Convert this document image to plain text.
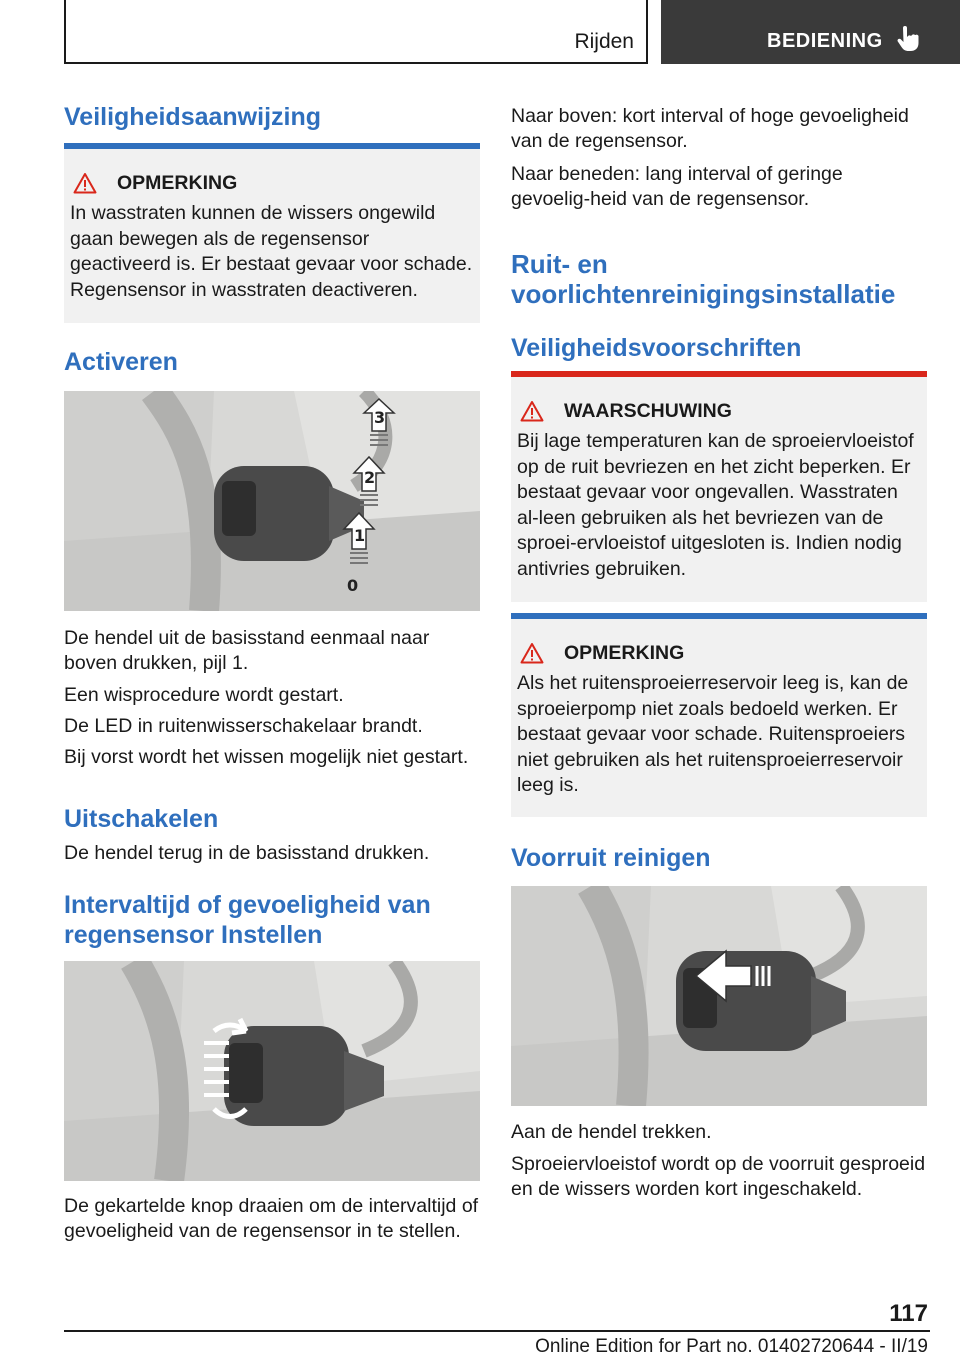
Rijden	BEDIENING
Veiligheidsaanwijzing
OPMERKING
In wasstraten kunnen de wissers ongewild gaan bewegen als de regensensor geactiveerd is. Er bestaat gevaar voor schade. Regensensor in wasstraten deactiveren.
Activeren
3
2
1
0

De hendel uit de basisstand eenmaal naar boven drukken, pijl 1.

Een wisprocedure wordt gestart.

De LED in ruitenwisserschakelaar brandt.

Bij vorst wordt het wissen mogelijk niet gestart.

Uitschakelen

De hendel terug in de basisstand drukken.

Intervaltijd of gevoeligheid van regensensor Instellen

De gekartelde knop draaien om de intervaltijd of gevoeligheid van de regensensor in te stellen.

Naar boven: kort interval of hoge gevoeligheid van de regensensor.

Naar beneden: lang interval of geringe gevoelig-heid van de regensensor.

Ruit- en voorlichtenreinigingsinstallatie
Veiligheidsvoorschriften
WAARSCHUWING
Bij lage temperaturen kan de sproeiervloeistof op de ruit bevriezen en het zicht beperken. Er bestaat gevaar voor ongevallen. Wasstraten al-leen gebruiken als het bevriezen van de sproei-ervloeistof uitgesloten is. Indien nodig antivries gebruiken.
OPMERKING
Als het ruitensproeierreservoir leeg is, kan de sproeierpomp niet zoals bedoeld werken. Er bestaat gevaar voor schade. Ruitensproeiers niet gebruiken als het ruitensproeierreservoir leeg is.
Voorruit reinigen

Aan de hendel trekken.

Sproeiervloeistof wordt op de voorruit gesproeid en de wissers worden kort ingeschakeld.

117
Online Edition for Part no. 01402720644 - II/19
